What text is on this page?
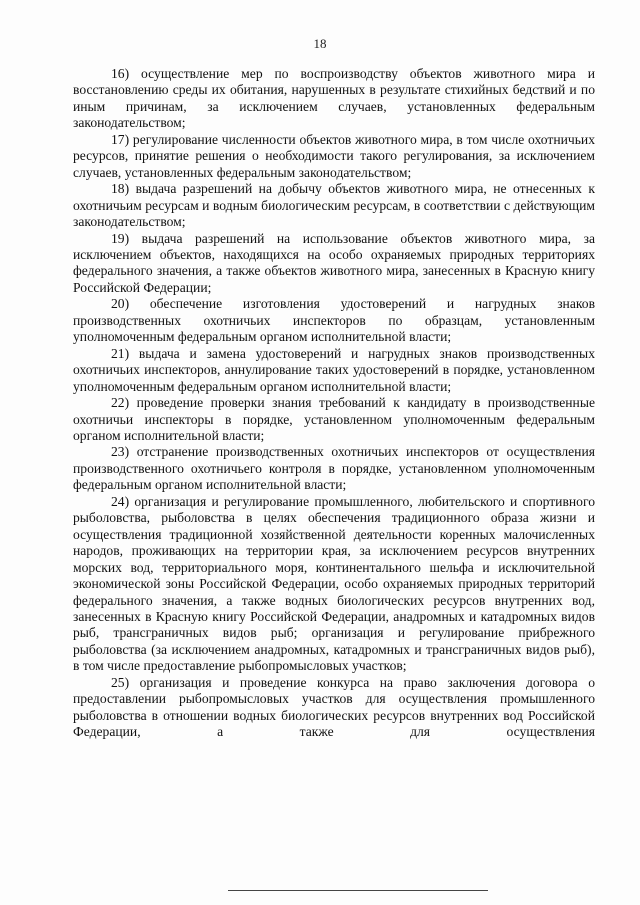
18

16) осуществление мер по воспроизводству объектов животного мира и восстановлению среды их обитания, нарушенных в результате стихийных бедствий и по иным причинам, за исключением случаев, установленных федеральным законодательством;

17) регулирование численности объектов животного мира, в том числе охотничьих ресурсов, принятие решения о необходимости такого регулирования, за исключением случаев, установленных федеральным законодательством;

18) выдача разрешений на добычу объектов животного мира, не отнесенных к охотничьим ресурсам и водным биологическим ресурсам, в соответствии с действующим законодательством;

19) выдача разрешений на использование объектов животного мира, за исключением объектов, находящихся на особо охраняемых природных территориях федерального значения, а также объектов животного мира, занесенных в Красную книгу Российской Федерации;

20) обеспечение изготовления удостоверений и нагрудных знаков производственных охотничьих инспекторов по образцам, установленным уполномоченным федеральным органом исполнительной власти;

21) выдача и замена удостоверений и нагрудных знаков производственных охотничьих инспекторов, аннулирование таких удостоверений в порядке, установленном уполномоченным федеральным органом исполнительной власти;

22) проведение проверки знания требований к кандидату в производственные охотничьи инспекторы в порядке, установленном уполномоченным федеральным органом исполнительной власти;

23) отстранение производственных охотничьих инспекторов от осуществления производственного охотничьего контроля в порядке, установленном уполномоченным федеральным органом исполнительной власти;

24) организация и регулирование промышленного, любительского и спортивного рыболовства, рыболовства в целях обеспечения традиционного образа жизни и осуществления традиционной хозяйственной деятельности коренных малочисленных народов, проживающих на территории края, за исключением ресурсов внутренних морских вод, территориального моря, континентального шельфа и исключительной экономической зоны Российской Федерации, особо охраняемых природных территорий федерального значения, а также водных биологических ресурсов внутренних вод, занесенных в Красную книгу Российской Федерации, анадромных и катадромных видов рыб, трансграничных видов рыб; организация и регулирование прибрежного рыболовства (за исключением анадромных, катадромных и трансграничных видов рыб), в том числе предоставление рыбопромысловых участков;

25) организация и проведение конкурса на право заключения договора о предоставлении рыбопромысловых участков для осуществления промышленного рыболовства в отношении водных биологических ресурсов внутренних вод Российской Федерации, а также для осуществления
